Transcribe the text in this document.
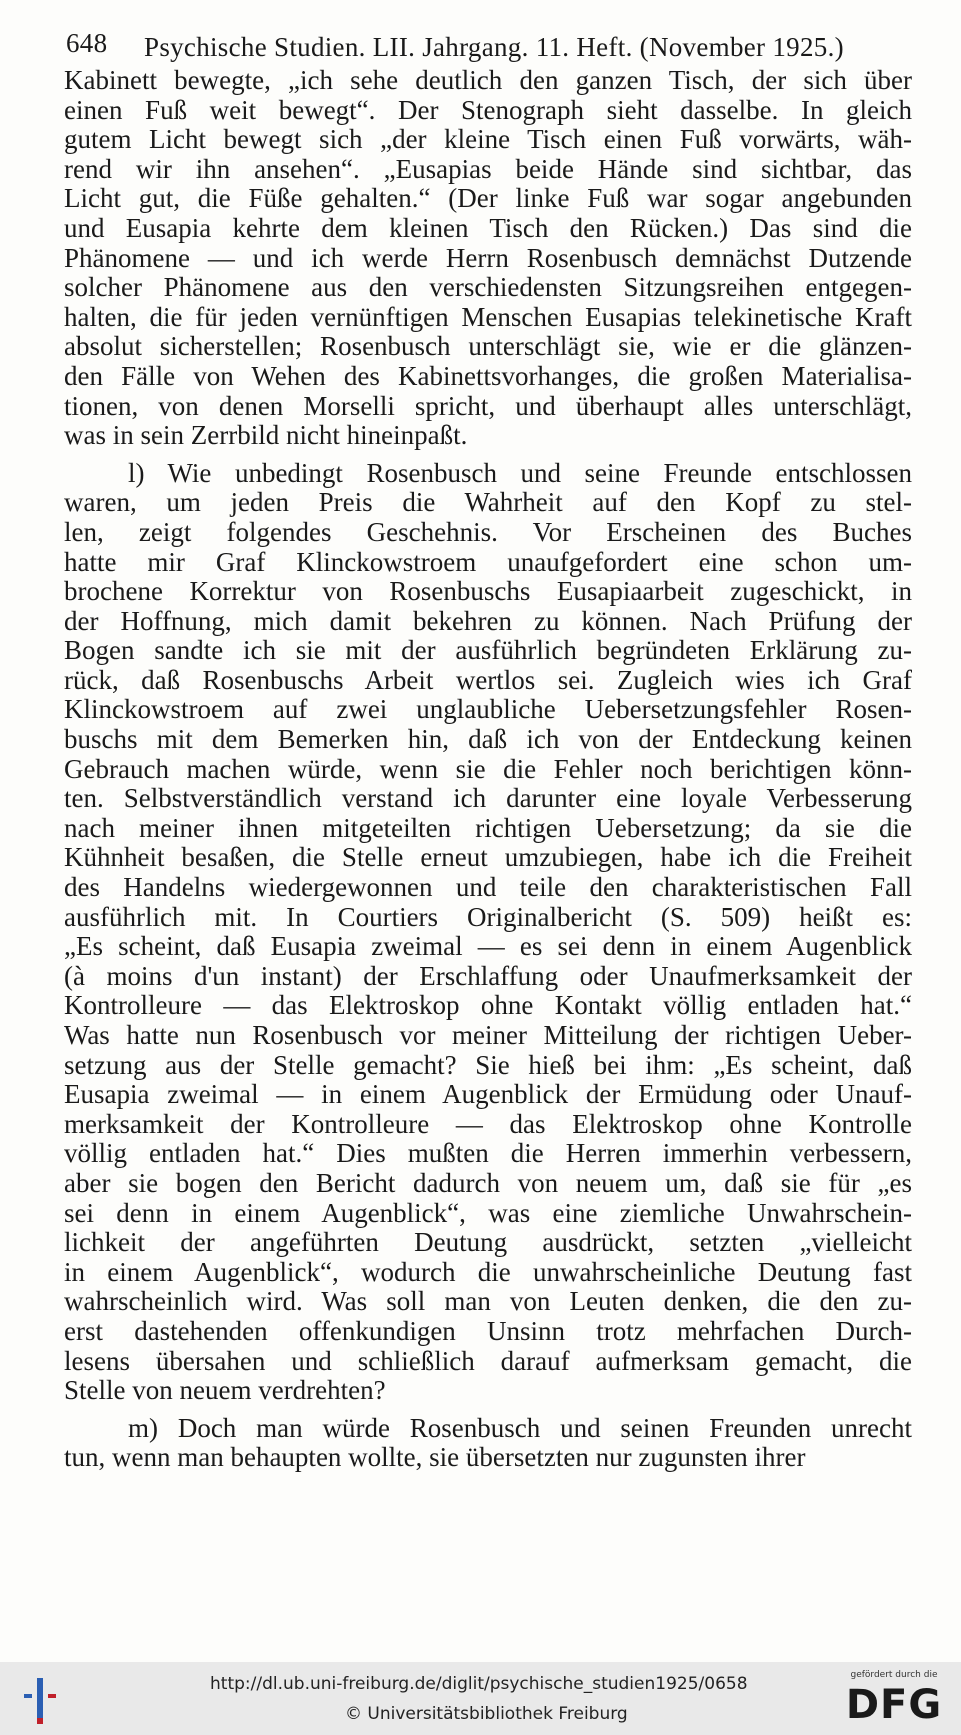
648 Psychische Studien. LII. Jahrgang. 11. Heft. (November 1925.)
Kabinett bewegte, „ich sehe deutlich den ganzen Tisch, der sich über
einen Fuß weit bewegt“. Der Stenograph sieht dasselbe. In gleich
gutem Licht bewegt sich „der kleine Tisch einen Fuß vorwärts, wäh-
rend wir ihn ansehen“. „Eusapias beide Hände sind sichtbar, das
Licht gut, die Füße gehalten.“ (Der linke Fuß war sogar angebunden
und Eusapia kehrte dem kleinen Tisch den Rücken.) Das sind die
Phänomene — und ich werde Herrn Rosenbusch demnächst Dutzende
solcher Phänomene aus den verschiedensten Sitzungsreihen entgegen-
halten, die für jeden vernünftigen Menschen Eusapias telekinetische Kraft
absolut sicherstellen; Rosenbusch unterschlägt sie, wie er die glänzen-
den Fälle von Wehen des Kabinettsvorhanges, die großen Materialisa-
tionen, von denen Morselli spricht, und überhaupt alles unterschlägt,
was in sein Zerrbild nicht hineinpaßt.
l) Wie unbedingt Rosenbusch und seine Freunde entschlossen
waren, um jeden Preis die Wahrheit auf den Kopf zu stel-
len, zeigt folgendes Geschehnis. Vor Erscheinen des Buches
hatte mir Graf Klinckowstroem unaufgefordert eine schon um-
brochene Korrektur von Rosenbuschs Eusapiaarbeit zugeschickt, in
der Hoffnung, mich damit bekehren zu können. Nach Prüfung der
Bogen sandte ich sie mit der ausführlich begründeten Erklärung zu-
rück, daß Rosenbuschs Arbeit wertlos sei. Zugleich wies ich Graf
Klinckowstroem auf zwei unglaubliche Uebersetzungsfehler Rosen-
buschs mit dem Bemerken hin, daß ich von der Entdeckung keinen
Gebrauch machen würde, wenn sie die Fehler noch berichtigen könn-
ten. Selbstverständlich verstand ich darunter eine loyale Verbesserung
nach meiner ihnen mitgeteilten richtigen Uebersetzung; da sie die
Kühnheit besaßen, die Stelle erneut umzubiegen, habe ich die Freiheit
des Handelns wiedergewonnen und teile den charakteristischen Fall
ausführlich mit. In Courtiers Originalbericht (S. 509) heißt es:
„Es scheint, daß Eusapia zweimal — es sei denn in einem Augenblick
(à moins d'un instant) der Erschlaffung oder Unaufmerksamkeit der
Kontrolleure — das Elektroskop ohne Kontakt völlig entladen hat.“
Was hatte nun Rosenbusch vor meiner Mitteilung der richtigen Ueber-
setzung aus der Stelle gemacht? Sie hieß bei ihm: „Es scheint, daß
Eusapia zweimal — in einem Augenblick der Ermüdung oder Unauf-
merksamkeit der Kontrolleure — das Elektroskop ohne Kontrolle
völlig entladen hat.“ Dies mußten die Herren immerhin verbessern,
aber sie bogen den Bericht dadurch von neuem um, daß sie für „es
sei denn in einem Augenblick“, was eine ziemliche Unwahrschein-
lichkeit der angeführten Deutung ausdrückt, setzten „vielleicht
in einem Augenblick“, wodurch die unwahrscheinliche Deutung fast
wahrscheinlich wird. Was soll man von Leuten denken, die den zu-
erst dastehenden offenkundigen Unsinn trotz mehrfachen Durch-
lesens übersahen und schließlich darauf aufmerksam gemacht, die
Stelle von neuem verdrehten?
m) Doch man würde Rosenbusch und seinen Freunden unrecht
tun, wenn man behaupten wollte, sie übersetzten nur zugunsten ihrer
http://dl.ub.uni-freiburg.de/diglit/psychische_studien1925/0658
© Universitätsbibliothek Freiburg
gefördert durch die
DFG
